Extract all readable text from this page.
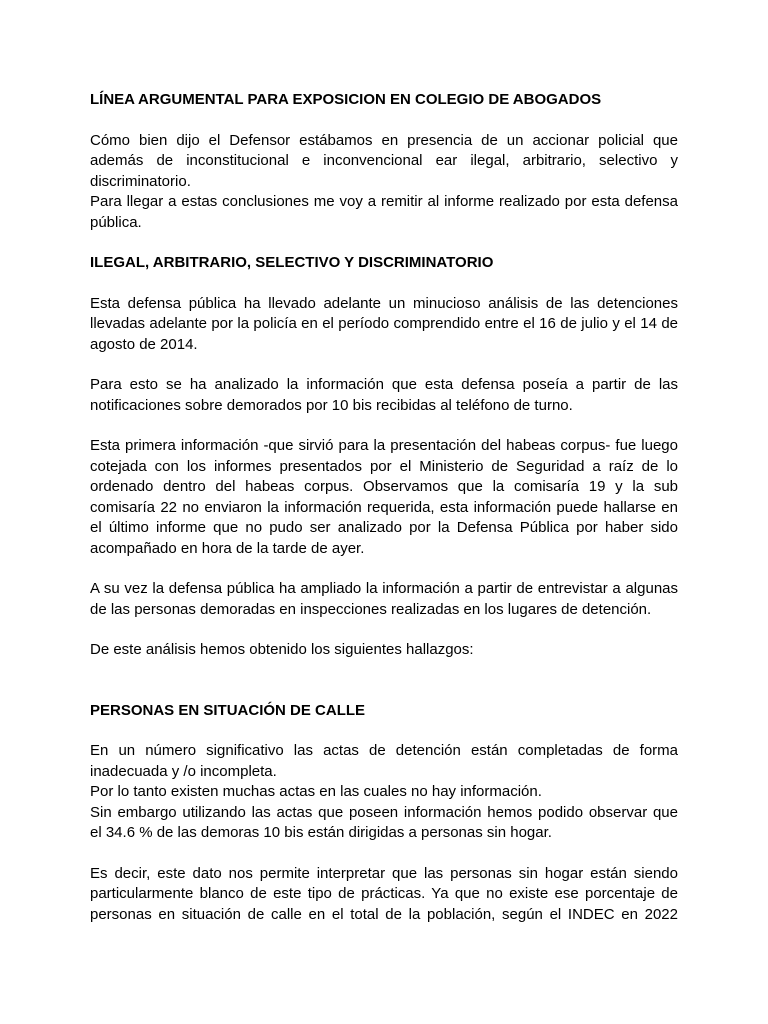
LÍNEA ARGUMENTAL PARA EXPOSICION EN COLEGIO DE ABOGADOS
Cómo bien dijo el Defensor estábamos en presencia de un accionar policial que
además de inconstitucional e inconvencional ear ilegal, arbitrario, selectivo y
discriminatorio.
Para llegar a estas conclusiones me voy a remitir al informe realizado por esta defensa
pública.
ILEGAL, ARBITRARIO, SELECTIVO Y DISCRIMINATORIO
Esta defensa pública ha llevado adelante un minucioso análisis de las detenciones
llevadas adelante por la policía en el período comprendido entre el 16 de julio y el 14 de
agosto de 2014.
Para esto se ha analizado la información que esta defensa poseía a partir de las
notificaciones sobre demorados por 10 bis recibidas al teléfono de turno.
Esta primera información -que sirvió para la presentación del habeas corpus- fue luego
cotejada con los informes presentados por el Ministerio de Seguridad a raíz de lo
ordenado dentro del habeas corpus. Observamos que la comisaría 19 y la sub
comisaría 22 no enviaron la información requerida, esta información puede hallarse en
el último informe que no pudo ser analizado por la Defensa Pública por haber sido
acompañado en hora de la tarde de ayer.
A su vez la defensa pública ha ampliado la información a partir de entrevistar a algunas
de las personas demoradas en inspecciones realizadas en los lugares de detención.
De este análisis hemos obtenido los siguientes hallazgos:
PERSONAS EN SITUACIÓN DE CALLE
En un número significativo las actas de detención están completadas de forma
inadecuada y /o incompleta.
Por lo tanto existen muchas actas en las cuales no hay información.
Sin embargo utilizando las actas que poseen información hemos podido observar que
el 34.6 % de las demoras 10 bis están dirigidas a personas sin hogar.
Es decir, este dato nos permite interpretar que las personas sin hogar están siendo
particularmente blanco de este tipo de prácticas. Ya que no existe ese porcentaje de
personas en situación de calle en el total de la población, según el INDEC en 2022
